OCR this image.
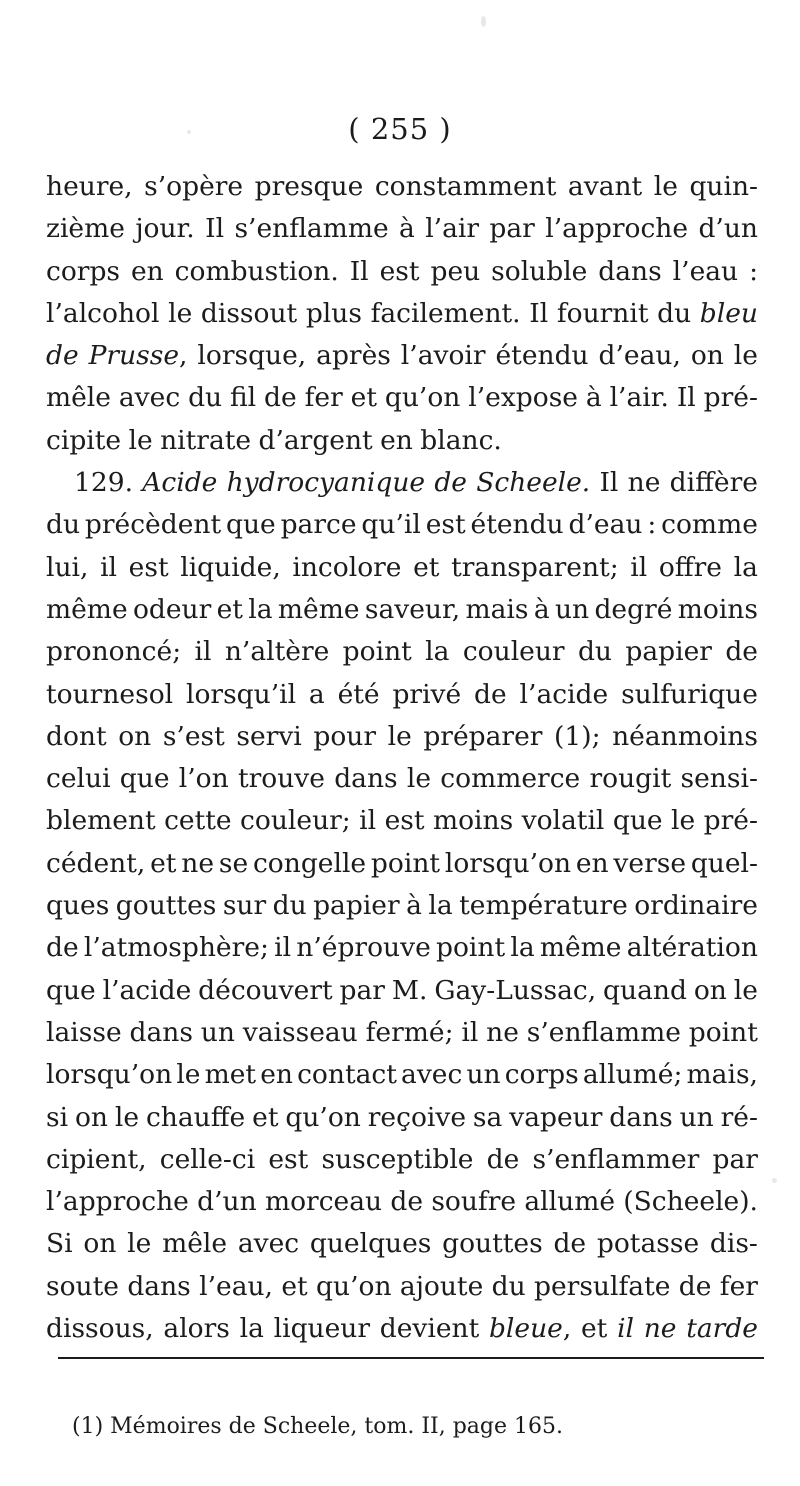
( 255 )
heure, s’opère presque constamment avant le quin-
zième jour. Il s’enflamme à l’air par l’approche d’un
corps en combustion. Il est peu soluble dans l’eau :
l’alcohol le dissout plus facilement. Il fournit du bleu
de Prusse, lorsque, après l’avoir étendu d’eau, on le
mêle avec du fil de fer et qu’on l’expose à l’air. Il pré-
cipite le nitrate d’argent en blanc.
129. Acide hydrocyanique de Scheele. Il ne diffère
du précèdent que parce qu’il est étendu d’eau : comme
lui, il est liquide, incolore et transparent; il offre la
même odeur et la même saveur, mais à un degré moins
prononcé; il n’altère point la couleur du papier de
tournesol lorsqu’il a été privé de l’acide sulfurique
dont on s’est servi pour le préparer (1); néanmoins
celui que l’on trouve dans le commerce rougit sensi-
blement cette couleur; il est moins volatil que le pré-
cédent, et ne se congelle point lorsqu’on en verse quel-
ques gouttes sur du papier à la température ordinaire
de l’atmosphère; il n’éprouve point la même altération
que l’acide découvert par M. Gay-Lussac, quand on le
laisse dans un vaisseau fermé; il ne s’enflamme point
lorsqu’on le met en contact avec un corps allumé; mais,
si on le chauffe et qu’on reçoive sa vapeur dans un ré-
cipient, celle-ci est susceptible de s’enflammer par
l’approche d’un morceau de soufre allumé (Scheele).
Si on le mêle avec quelques gouttes de potasse dis-
soute dans l’eau, et qu’on ajoute du persulfate de fer
dissous, alors la liqueur devient bleue, et il ne tarde
(1) Mémoires de Scheele, tom. II, page 165.
